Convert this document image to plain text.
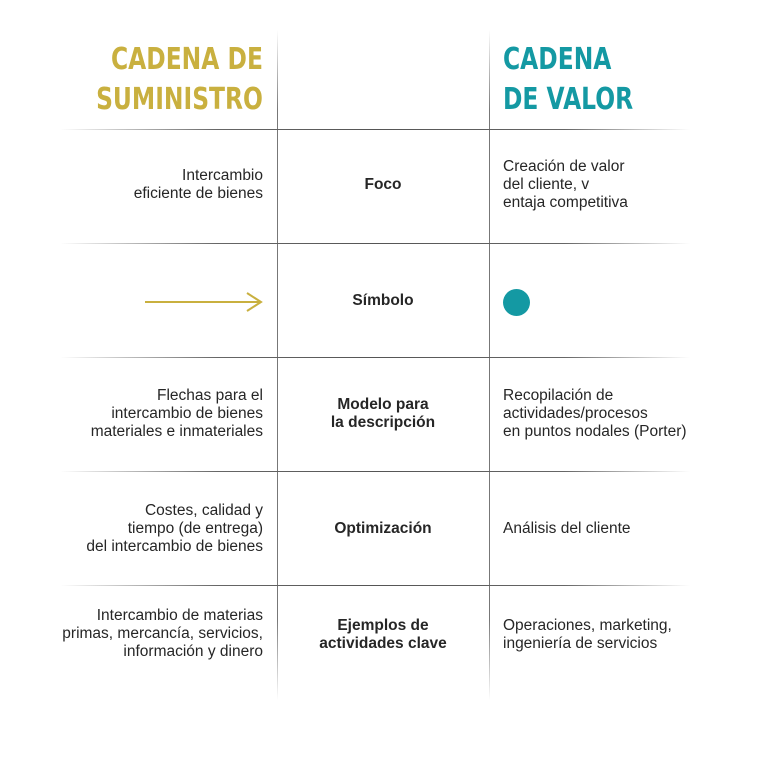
CADENA DE
SUMINISTRO
CADENA
DE VALOR
Intercambio
eficiente de bienes
Foco
Creación de valor
del cliente, v
entaja competitiva
Símbolo
Flechas para el
intercambio de bienes
materiales e inmateriales
Modelo para
la descripción
Recopilación de
actividades/procesos
en puntos nodales (Porter)
Costes, calidad y
tiempo (de entrega)
del intercambio de bienes
Optimización	Análisis del cliente
Intercambio de materias
primas, mercancía, servicios,
información y dinero
Ejemplos de
actividades clave
Operaciones, marketing,
ingeniería de servicios
